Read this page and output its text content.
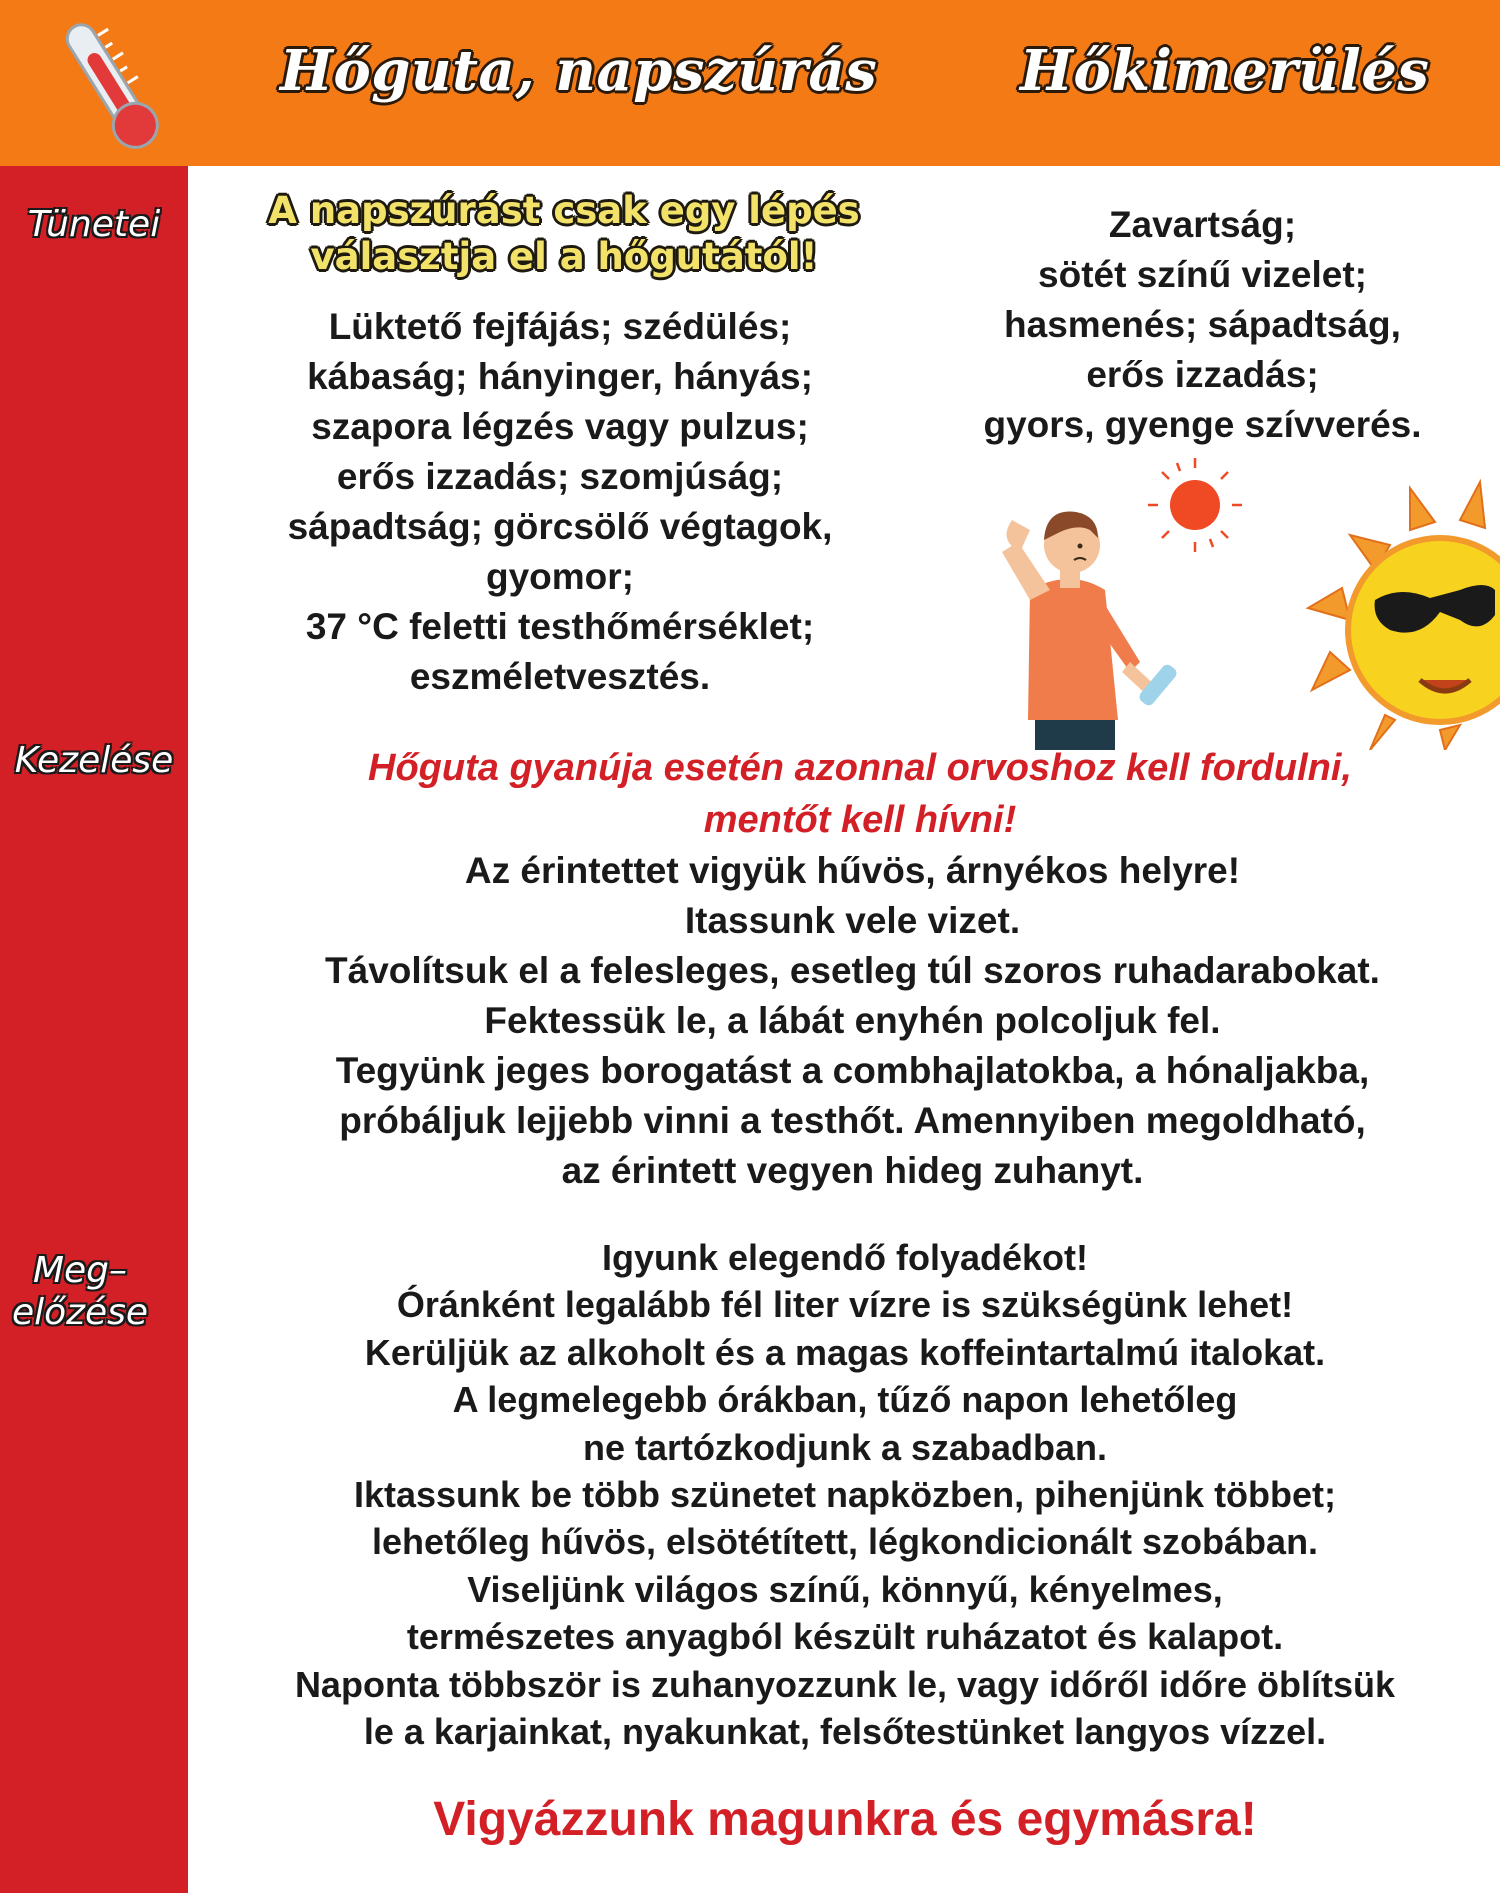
Hőguta, napszúrás	Hőkimerülés
Tünetei
Kezelése
Meg–
előzése
A napszúrást csak egy lépés választja el a hőgutától!
Lüktető fejfájás; szédülés;
kábaság; hányinger, hányás;
szapora légzés vagy pulzus;
erős izzadás; szomjúság;
sápadtság; görcsölő végtagok,
gyomor;
37 °C feletti testhőmérséklet;
eszméletvesztés.
Zavartság;
sötét színű vizelet;
hasmenés; sápadtság,
erős izzadás;
gyors, gyenge szívverés.
Hőguta gyanúja esetén azonnal orvoshoz kell fordulni,
mentőt kell hívni!
Az érintettet vigyük hűvös, árnyékos helyre!
Itassunk vele vizet.
Távolítsuk el a felesleges, esetleg túl szoros ruhadarabokat.
Fektessük le, a lábát enyhén polcoljuk fel.
Tegyünk jeges borogatást a combhajlatokba, a hónaljakba,
próbáljuk lejjebb vinni a testhőt. Amennyiben megoldható,
az érintett vegyen hideg zuhanyt.
Igyunk elegendő folyadékot!
Óránként legalább fél liter vízre is szükségünk lehet!
Kerüljük az alkoholt és a magas koffeintartalmú italokat.
A legmelegebb órákban, tűző napon lehetőleg
ne tartózkodjunk a szabadban.
Iktassunk be több szünetet napközben, pihenjünk többet;
lehetőleg hűvös, elsötétített, légkondicionált szobában.
Viseljünk világos színű, könnyű, kényelmes,
természetes anyagból készült ruházatot és kalapot.
Naponta többször is zuhanyozzunk le, vagy időről időre öblítsük
le a karjainkat, nyakunkat, felsőtestünket langyos vízzel.
Vigyázzunk magunkra és egymásra!
